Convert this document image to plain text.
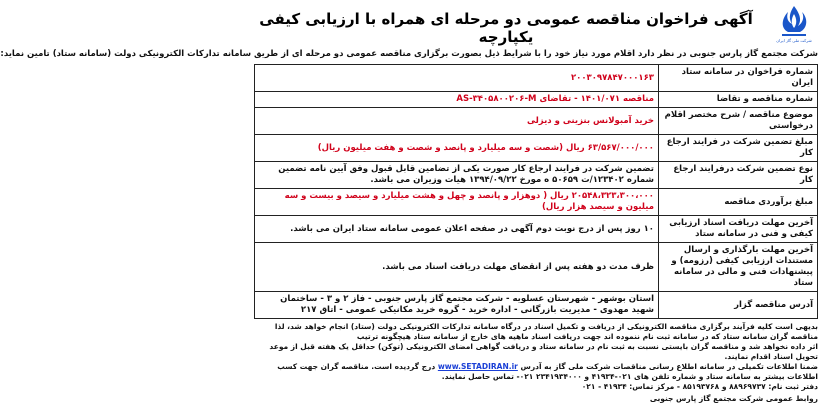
شرکت ملی گاز ایران
آگهی فراخوان مناقصه عمومی دو مرحله ای همراه با ارزیابی کیفی یکپارچه
شرکت مجتمع گاز پارس جنوبی در نظر دارد اقلام مورد نیاز خود را با شرایط ذیل بصورت برگزاری مناقصه عمومی دو مرحله ای از طریق سامانه تدارکات الکترونیکی دولت (سامانه ستاد) تامین نماید:
شماره فراخوان در سامانه ستاد ایران	۲۰۰۳۰۹۷۸۴۷۰۰۰۱۶۳
شماره مناقصه و تقاضا	مناقصه ۱۴۰۱/۰۷۱ - تقاضای AS-۳۴۰۵۸۰۰۲۰۶-M
موضوع مناقصه / شرح مختصر اقلام درخواستی	خرید آمبولانس بنزینی و دیزلی
مبلغ تضمین شرکت در فرایند ارجاع کار	۶۳/۵۶۷/۰۰۰/۰۰۰ ریال (شصت و سه میلیارد و پانصد و شصت و هفت میلیون ریال)
نوع تضمین شرکت درفرایند ارجاع کار	تضمین شرکت در فرایند ارجاع کار صورت یکی از تضامین قابل قبول وفق آیین نامه تضمین شماره ۱۲۳۴۰۲/ت ۵۰۶۵۹ ه مورخ ۱۳۹۴/۰۹/۲۲ هیات وزیران می باشد.
مبلغ برآوردی مناقصه	۲۰۵۴۸،۳۲۳،۳۰۰،۰۰۰ ریال ( دوهزار و پانصد و چهل و هشت میلیارد و سیصد و بیست و سه میلیون و سیصد هزار ریال)
آخرین مهلت دریافت اسناد ارزیابی کیفی و فنی در سامانه ستاد	۱۰ روز پس از درج نوبت دوم آگهی در صفحه اعلان عمومی سامانه ستاد ایران می باشد.
آخرین مهلت بارگذاری و ارسال مستندات ارزیابی کیفی (رزومه) و پیشنهادات فنی و مالی در سامانه ستاد	ظرف مدت دو هفته پس از انقضای مهلت دریافت اسناد می باشد.
آدرس مناقصه گزار	استان بوشهر - شهرستان عسلویه - شرکت مجتمع گاز پارس جنوبی - فاز ۲ و ۳ - ساختمان شهید مهدوی - مدیریت بازرگانی - اداره خرید - گروه خرید مکانیکی عمومی - اتاق ۲۱۷
بدیهی است کلیه فرآیند برگزاری مناقصه الکترونیکی از دریافت و تکمیل اسناد در درگاه سامانه تدارکات الکترونیکی دولت (ستاد) انجام خواهد شد، لذا مناقصه گران سامانه ستاد که در سامانه ثبت نام ننموده اند جهت دریافت اسناد ماهیه های خارج از سامانه ستاد هیچگونه ترتیب
اثر داده نخواهد شد و مناقصه گران بایستی نسبت به ثبت نام در سامانه ستاد و دریافت گواهی امضای الکترونیکی (توکن) حداقل یک هفته قبل از موعد تحویل اسناد اقدام نمایند.
ضمنا اطلاعات تکمیلی در سامانه اطلاع رسانی مناقصات شرکت ملی گاز به آدرس www.SETADIRAN.ir درج گردیده است. مناقصه گران جهت کسب اطلاعات بیشتر به سامانه ستاد و شماره تلفن های ۰۲۱-۴۱۹۳۴ و ۲۳۴۱۹۳۴۰۰۰ ۰۲۱- تماس حاصل نمایند.
دفتر ثبت نام: ۸۸۹۶۹۷۳۷ و ۸۵۱۹۳۷۶۸ - مرکز تماس: ۴۱۹۳۴ - ۰۲۱
روابط عمومی شرکت مجتمع گاز پارس جنوبی
